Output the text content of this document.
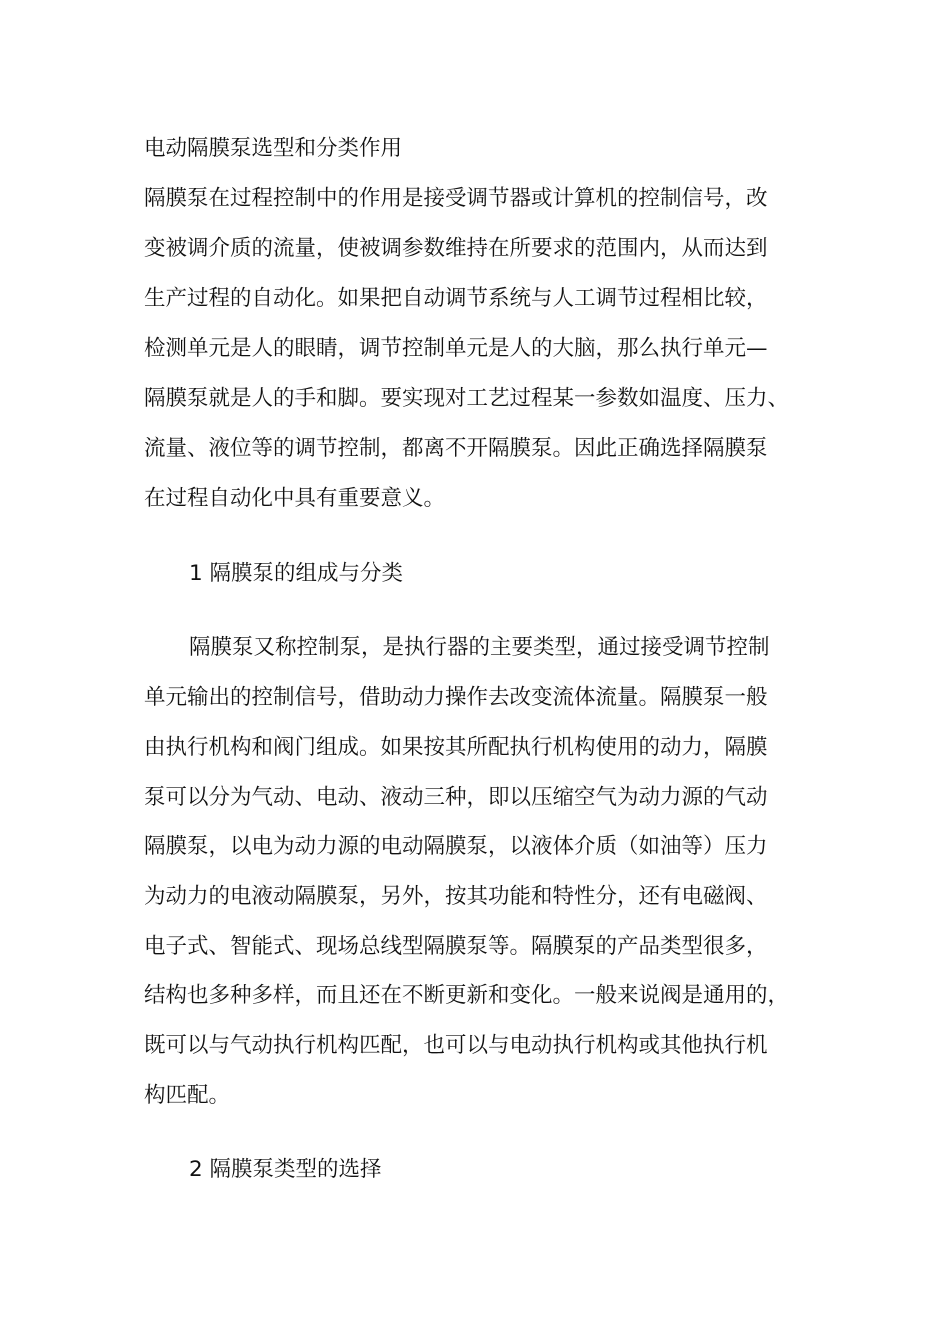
电动隔膜泵选型和分类作用
隔膜泵在过程控制中的作用是接受调节器或计算机的控制信号，改
变被调介质的流量，使被调参数维持在所要求的范围内，从而达到
生产过程的自动化。如果把自动调节系统与人工调节过程相比较，
检测单元是人的眼睛，调节控制单元是人的大脑，那么执行单元—
隔膜泵就是人的手和脚。要实现对工艺过程某一参数如温度、压力、
流量、液位等的调节控制，都离不开隔膜泵。因此正确选择隔膜泵
在过程自动化中具有重要意义。
1 隔膜泵的组成与分类
隔膜泵又称控制泵，是执行器的主要类型，通过接受调节控制
单元输出的控制信号，借助动力操作去改变流体流量。隔膜泵一般
由执行机构和阀门组成。如果按其所配执行机构使用的动力，隔膜
泵可以分为气动、电动、液动三种，即以压缩空气为动力源的气动
隔膜泵，以电为动力源的电动隔膜泵，以液体介质（如油等）压力
为动力的电液动隔膜泵，另外，按其功能和特性分，还有电磁阀、
电子式、智能式、现场总线型隔膜泵等。隔膜泵的产品类型很多，
结构也多种多样，而且还在不断更新和变化。一般来说阀是通用的，
既可以与气动执行机构匹配，也可以与电动执行机构或其他执行机
构匹配。
2 隔膜泵类型的选择
